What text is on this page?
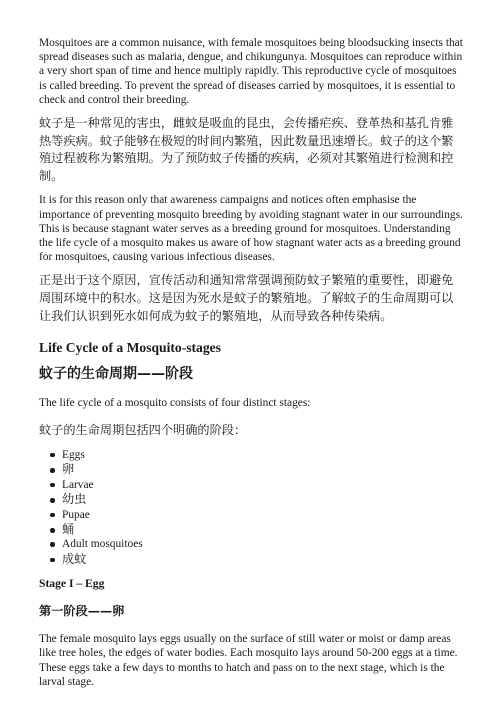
Mosquitoes are a common nuisance, with female mosquitoes being bloodsucking insects that spread diseases such as malaria, dengue, and chikungunya. Mosquitoes can reproduce within a very short span of time and hence multiply rapidly. This reproductive cycle of mosquitoes is called breeding. To prevent the spread of diseases carried by mosquitoes, it is essential to check and control their breeding.

蚊子是一种常见的害虫，雌蚊是吸血的昆虫，会传播疟疾、登革热和基孔肯雅热等疾病。蚊子能够在极短的时间内繁殖，因此数量迅速增长。蚊子的这个繁殖过程被称为繁殖期。为了预防蚊子传播的疾病，必须对其繁殖进行检测和控制。

It is for this reason only that awareness campaigns and notices often emphasise the importance of preventing mosquito breeding by avoiding stagnant water in our surroundings. This is because stagnant water serves as a breeding ground for mosquitoes. Understanding the life cycle of a mosquito makes us aware of how stagnant water acts as a breeding ground for mosquitoes, causing various infectious diseases.

正是出于这个原因，宣传活动和通知常常强调预防蚊子繁殖的重要性，即避免周围环境中的积水。这是因为死水是蚊子的繁殖地。了解蚊子的生命周期可以让我们认识到死水如何成为蚊子的繁殖地，从而导致各种传染病。

Life Cycle of a Mosquito-stages
蚊子的生命周期——阶段

The life cycle of a mosquito consists of four distinct stages:

蚊子的生命周期包括四个明确的阶段：

Eggs
卵
Larvae
幼虫
Pupae
蛹
Adult mosquitoes
成蚊
Stage I – Egg
第一阶段——卵

The female mosquito lays eggs usually on the surface of still water or moist or damp areas like tree holes, the edges of water bodies. Each mosquito lays around 50-200 eggs at a time. These eggs take a few days to months to hatch and pass on to the next stage, which is the larval stage.
